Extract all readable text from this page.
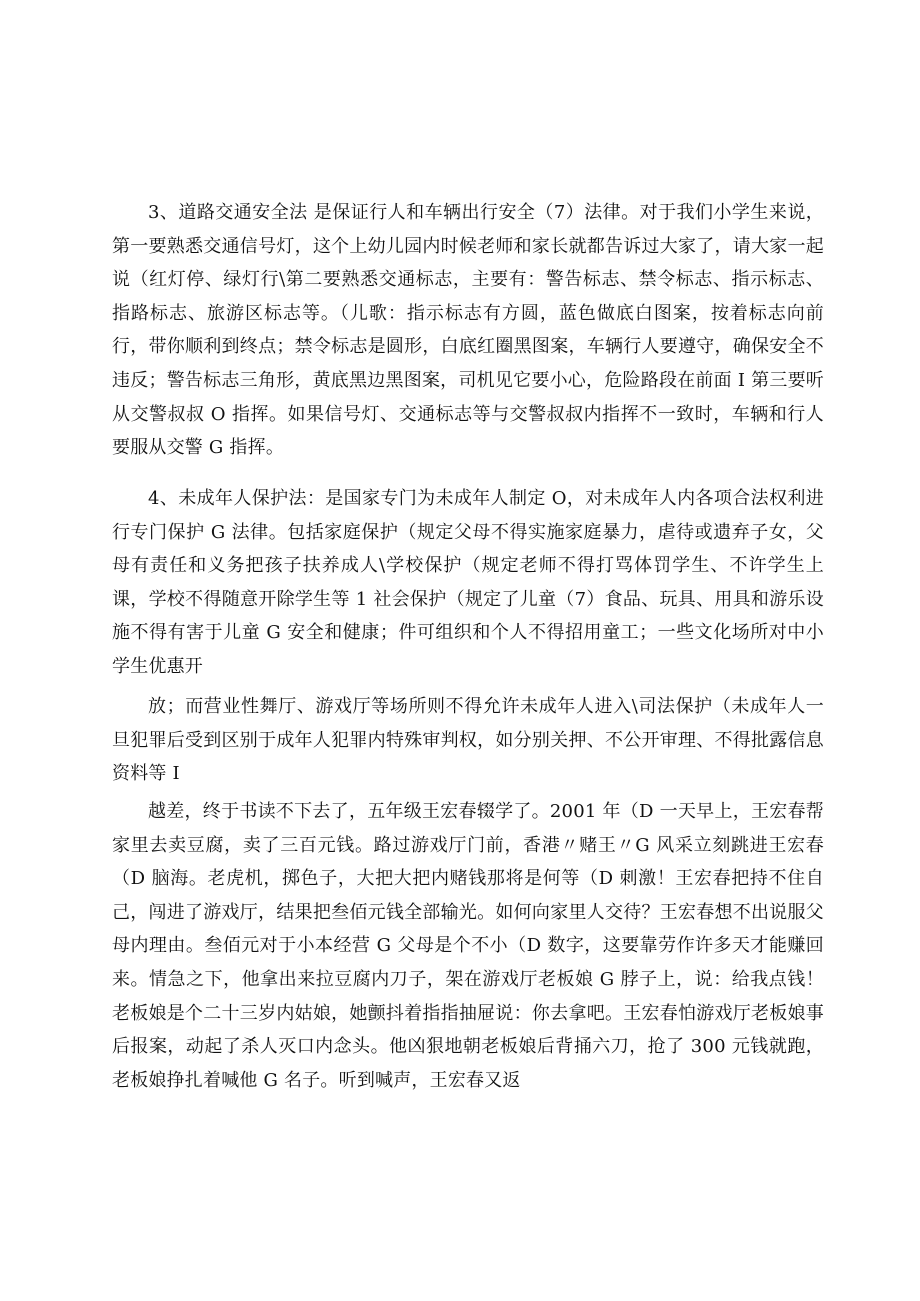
3、道路交通安全法 是保证行人和车辆出行安全（7）法律。对于我们小学生来说，第一要熟悉交通信号灯，这个上幼儿园内时候老师和家长就都告诉过大家了，请大家一起说（红灯停、绿灯行\第二要熟悉交通标志，主要有：警告标志、禁令标志、指示标志、指路标志、旅游区标志等。（儿歌：指示标志有方圆，蓝色做底白图案，按着标志向前行，带你顺利到终点；禁令标志是圆形，白底红圈黑图案，车辆行人要遵守，确保安全不违反；警告标志三角形，黄底黑边黑图案，司机见它要小心，危险路段在前面 I 第三要听从交警叔叔 O 指挥。如果信号灯、交通标志等与交警叔叔内指挥不一致时，车辆和行人要服从交警 G 指挥。

4、未成年人保护法：是国家专门为未成年人制定 O，对未成年人内各项合法权利进行专门保护 G 法律。包括家庭保护（规定父母不得实施家庭暴力，虐待或遗弃子女，父母有责任和义务把孩子扶养成人\学校保护（规定老师不得打骂体罚学生、不许学生上课，学校不得随意开除学生等 1 社会保护（规定了儿童（7）食品、玩具、用具和游乐设施不得有害于儿童 G 安全和健康；件可组织和个人不得招用童工；一些文化场所对中小学生优惠开

放；而营业性舞厅、游戏厅等场所则不得允许未成年人进入\司法保护（未成年人一旦犯罪后受到区别于成年人犯罪内特殊审判权，如分别关押、不公开审理、不得批露信息资料等 I

越差，终于书读不下去了，五年级王宏春辍学了。2001 年（D 一天早上，王宏春帮家里去卖豆腐，卖了三百元钱。路过游戏厅门前，香港〃赌王〃G 风采立刻跳进王宏春（D 脑海。老虎机，掷色子，大把大把内赌钱那将是何等（D 刺激！王宏春把持不住自己，闯进了游戏厅，结果把叁佰元钱全部输光。如何向家里人交待？王宏春想不出说服父母内理由。叁佰元对于小本经营 G 父母是个不小（D 数字，这要靠劳作许多天才能赚回来。情急之下，他拿出来拉豆腐内刀子，架在游戏厅老板娘 G 脖子上，说：给我点钱！老板娘是个二十三岁内姑娘，她颤抖着指指抽屉说：你去拿吧。王宏春怕游戏厅老板娘事后报案，动起了杀人灭口内念头。他凶狠地朝老板娘后背捅六刀，抢了 300 元钱就跑，老板娘挣扎着喊他 G 名子。听到喊声，王宏春又返
